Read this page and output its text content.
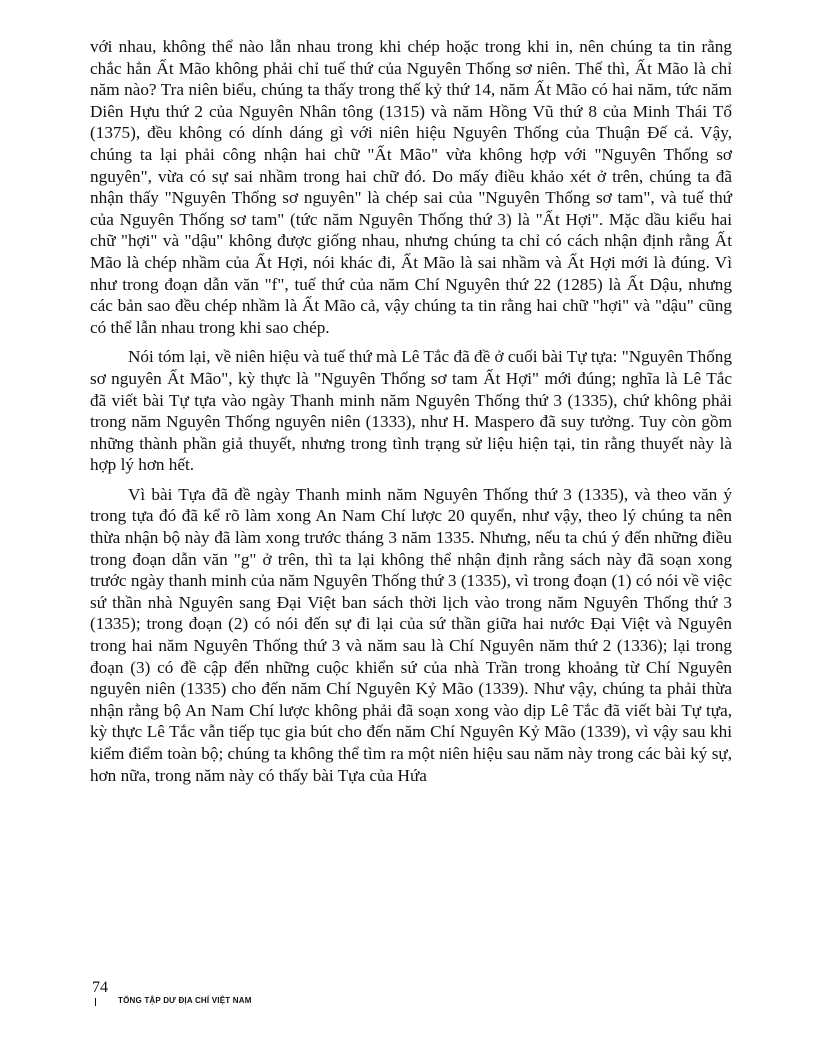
với nhau, không thể nào lẫn nhau trong khi chép hoặc trong khi in, nên chúng ta tin rằng chắc hẳn Ất Mão không phải chỉ tuế thứ của Nguyên Thống sơ niên. Thế thì, Ất Mão là chỉ năm nào? Tra niên biểu, chúng ta thấy trong thế kỷ thứ 14, năm Ất Mão có hai năm, tức năm Diên Hựu thứ 2 của Nguyên Nhân tông (1315) và năm Hồng Vũ thứ 8 của Minh Thái Tổ (1375), đều không có dính dáng gì với niên hiệu Nguyên Thống của Thuận Đế cả. Vậy, chúng ta lại phải công nhận hai chữ "Ất Mão" vừa không hợp với "Nguyên Thống sơ nguyên", vừa có sự sai nhầm trong hai chữ đó. Do mấy điều khảo xét ở trên, chúng ta đã nhận thấy "Nguyên Thống sơ nguyên" là chép sai của "Nguyên Thống sơ tam", và tuế thứ của Nguyên Thống sơ tam" (tức năm Nguyên Thống thứ 3) là "Ất Hợi". Mặc dầu kiểu hai chữ "hợi" và "dậu" không được giống nhau, nhưng chúng ta chỉ có cách nhận định rằng Ất Mão là chép nhầm của Ất Hợi, nói khác đi, Ất Mão là sai nhầm và Ất Hợi mới là đúng. Vì như trong đoạn dẫn văn "f", tuế thứ của năm Chí Nguyên thứ 22 (1285) là Ất Dậu, nhưng các bản sao đều chép nhầm là Ất Mão cả, vậy chúng ta tin rằng hai chữ "hợi" và "dậu" cũng có thể lẫn nhau trong khi sao chép.

Nói tóm lại, về niên hiệu và tuế thứ mà Lê Tắc đã đề ở cuối bài Tự tựa: "Nguyên Thống sơ nguyên Ất Mão", kỳ thực là "Nguyên Thống sơ tam Ất Hợi" mới đúng; nghĩa là Lê Tắc đã viết bài Tự tựa vào ngày Thanh minh năm Nguyên Thống thứ 3 (1335), chứ không phải trong năm Nguyên Thống nguyên niên (1333), như H. Maspero đã suy tưởng. Tuy còn gồm những thành phần giả thuyết, nhưng trong tình trạng sử liệu hiện tại, tin rằng thuyết này là hợp lý hơn hết.

Vì bài Tựa đã đề ngày Thanh minh năm Nguyên Thống thứ 3 (1335), và theo văn ý trong tựa đó đã kể rõ làm xong An Nam Chí lược 20 quyển, như vậy, theo lý chúng ta nên thừa nhận bộ này đã làm xong trước tháng 3 năm 1335. Nhưng, nếu ta chú ý đến những điều trong đoạn dẫn văn "g" ở trên, thì ta lại không thể nhận định rằng sách này đã soạn xong trước ngày thanh minh của năm Nguyên Thống thứ 3 (1335), vì trong đoạn (1) có nói về việc sứ thần nhà Nguyên sang Đại Việt ban sách thời lịch vào trong năm Nguyên Thống thứ 3 (1335); trong đoạn (2) có nói đến sự đi lại của sứ thần giữa hai nước Đại Việt và Nguyên trong hai năm Nguyên Thống thứ 3 và năm sau là Chí Nguyên năm thứ 2 (1336); lại trong đoạn (3) có đề cập đến những cuộc khiển sứ của nhà Trần trong khoảng từ Chí Nguyên nguyên niên (1335) cho đến năm Chí Nguyên Kỷ Mão (1339). Như vậy, chúng ta phải thừa nhận rằng bộ An Nam Chí lược không phải đã soạn xong vào dịp Lê Tắc đã viết bài Tự tựa, kỳ thực Lê Tắc vẫn tiếp tục gia bút cho đến năm Chí Nguyên Kỷ Mão (1339), vì vậy sau khi kiểm điểm toàn bộ; chúng ta không thể tìm ra một niên hiệu sau năm này trong các bài ký sự, hơn nữa, trong năm này có thấy bài Tựa của Hứa

74
TỔNG TẬP DƯ ĐỊA CHÍ VIỆT NAM
